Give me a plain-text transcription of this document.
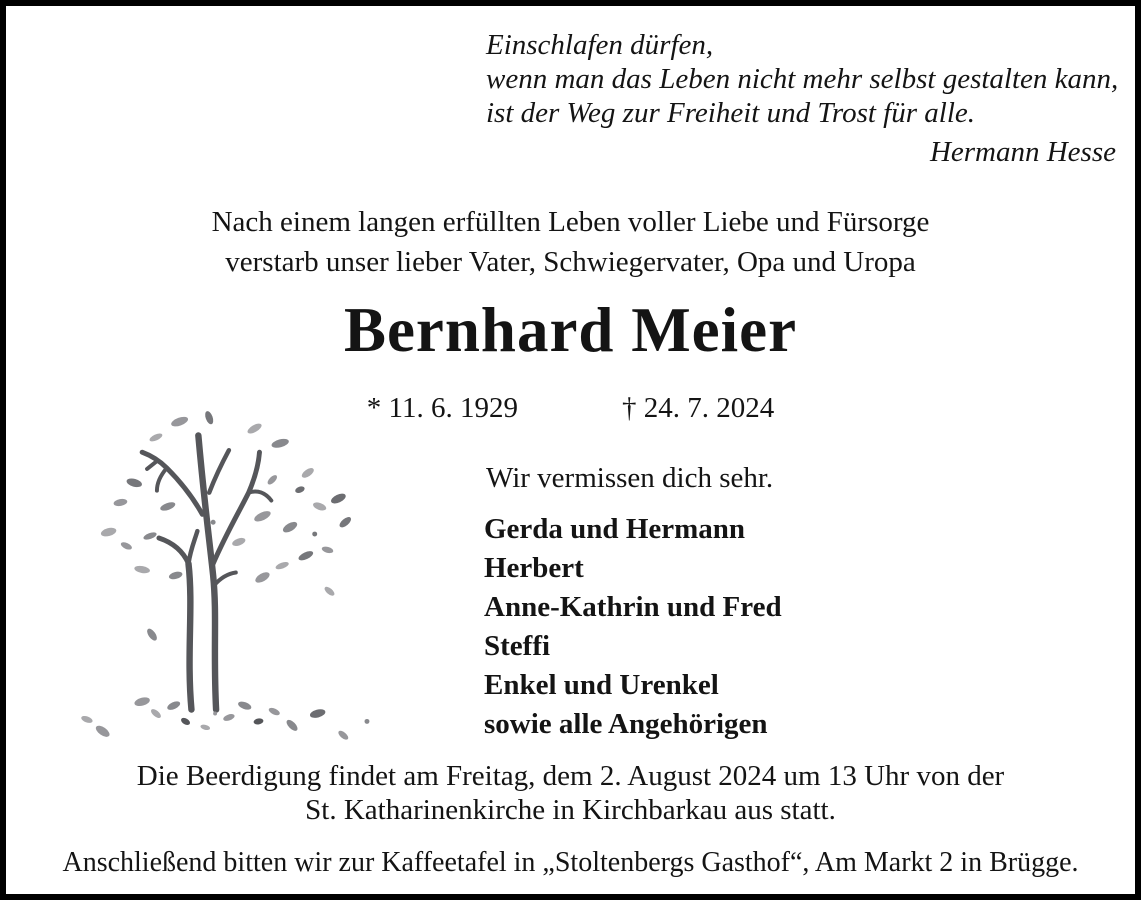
Einschlafen dürfen,
wenn man das Leben nicht mehr selbst gestalten kann,
ist der Weg zur Freiheit und Trost für alle.
Hermann Hesse
Nach einem langen erfüllten Leben voller Liebe und Fürsorge
verstarb unser lieber Vater, Schwiegervater, Opa und Uropa
Bernhard Meier
* 11. 6. 1929	† 24. 7. 2024
Wir vermissen dich sehr.
Gerda und Hermann
Herbert
Anne-Kathrin und Fred
Steffi
Enkel und Urenkel
sowie alle Angehörigen
Die Beerdigung findet am Freitag, dem 2. August 2024 um 13 Uhr von der
St. Katharinenkirche in Kirchbarkau aus statt.
Anschließend bitten wir zur Kaffeetafel in „Stoltenbergs Gasthof“, Am Markt 2 in Brügge.
